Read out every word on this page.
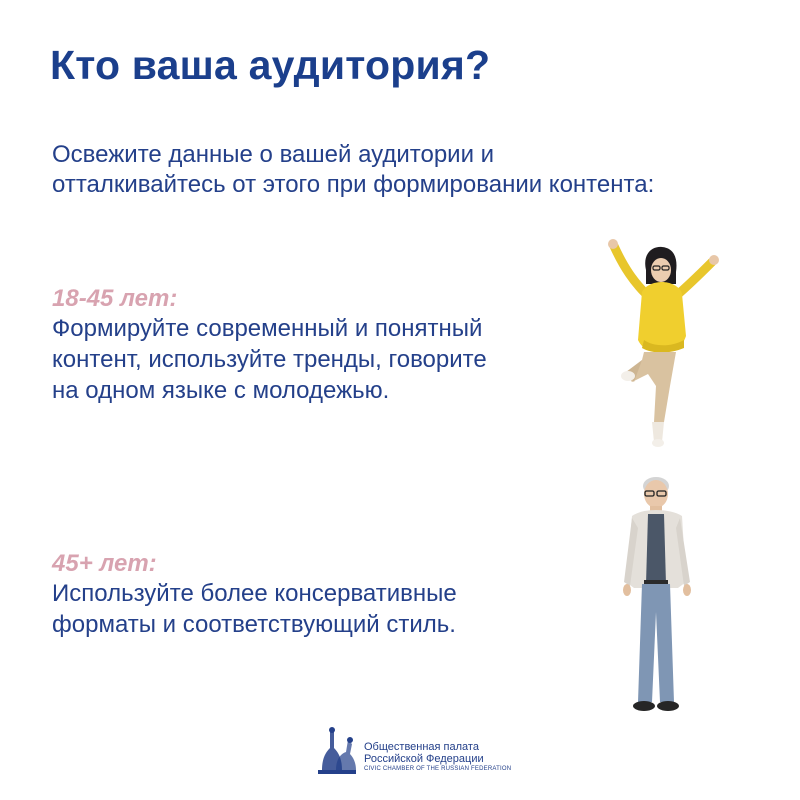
Кто ваша аудитория?
Освежите данные о вашей аудитории и
отталкивайтесь от этого при формировании контента:
18-45 лет:
Формируйте современный и понятный
контент, используйте тренды, говорите
на одном языке с молодежью.
45+ лет:
Используйте более консервативные
форматы и соответствующий стиль.
Общественная палата
Российской Федерации
CIVIC CHAMBER OF THE RUSSIAN FEDERATION
